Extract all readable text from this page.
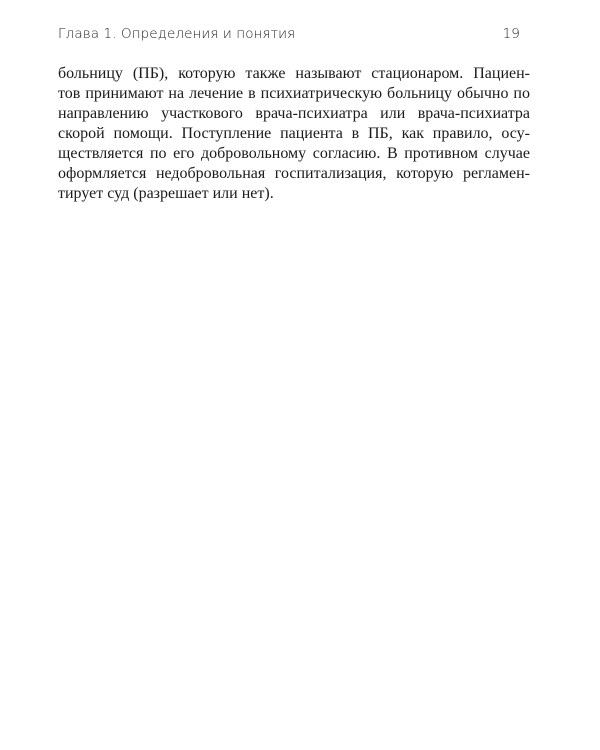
Глава 1. Определения и понятия	19

больницу (ПБ), которую также называют стационаром. Пациен-
тов принимают на лечение в психиатрическую больницу обычно по
направлению участкового врача-психиатра или врача-психиатра
скорой помощи. Поступление пациента в ПБ, как правило, осу-
ществляется по его добровольному согласию. В противном случае
оформляется недобровольная госпитализация, которую регламен-
тирует суд (разрешает или нет).
